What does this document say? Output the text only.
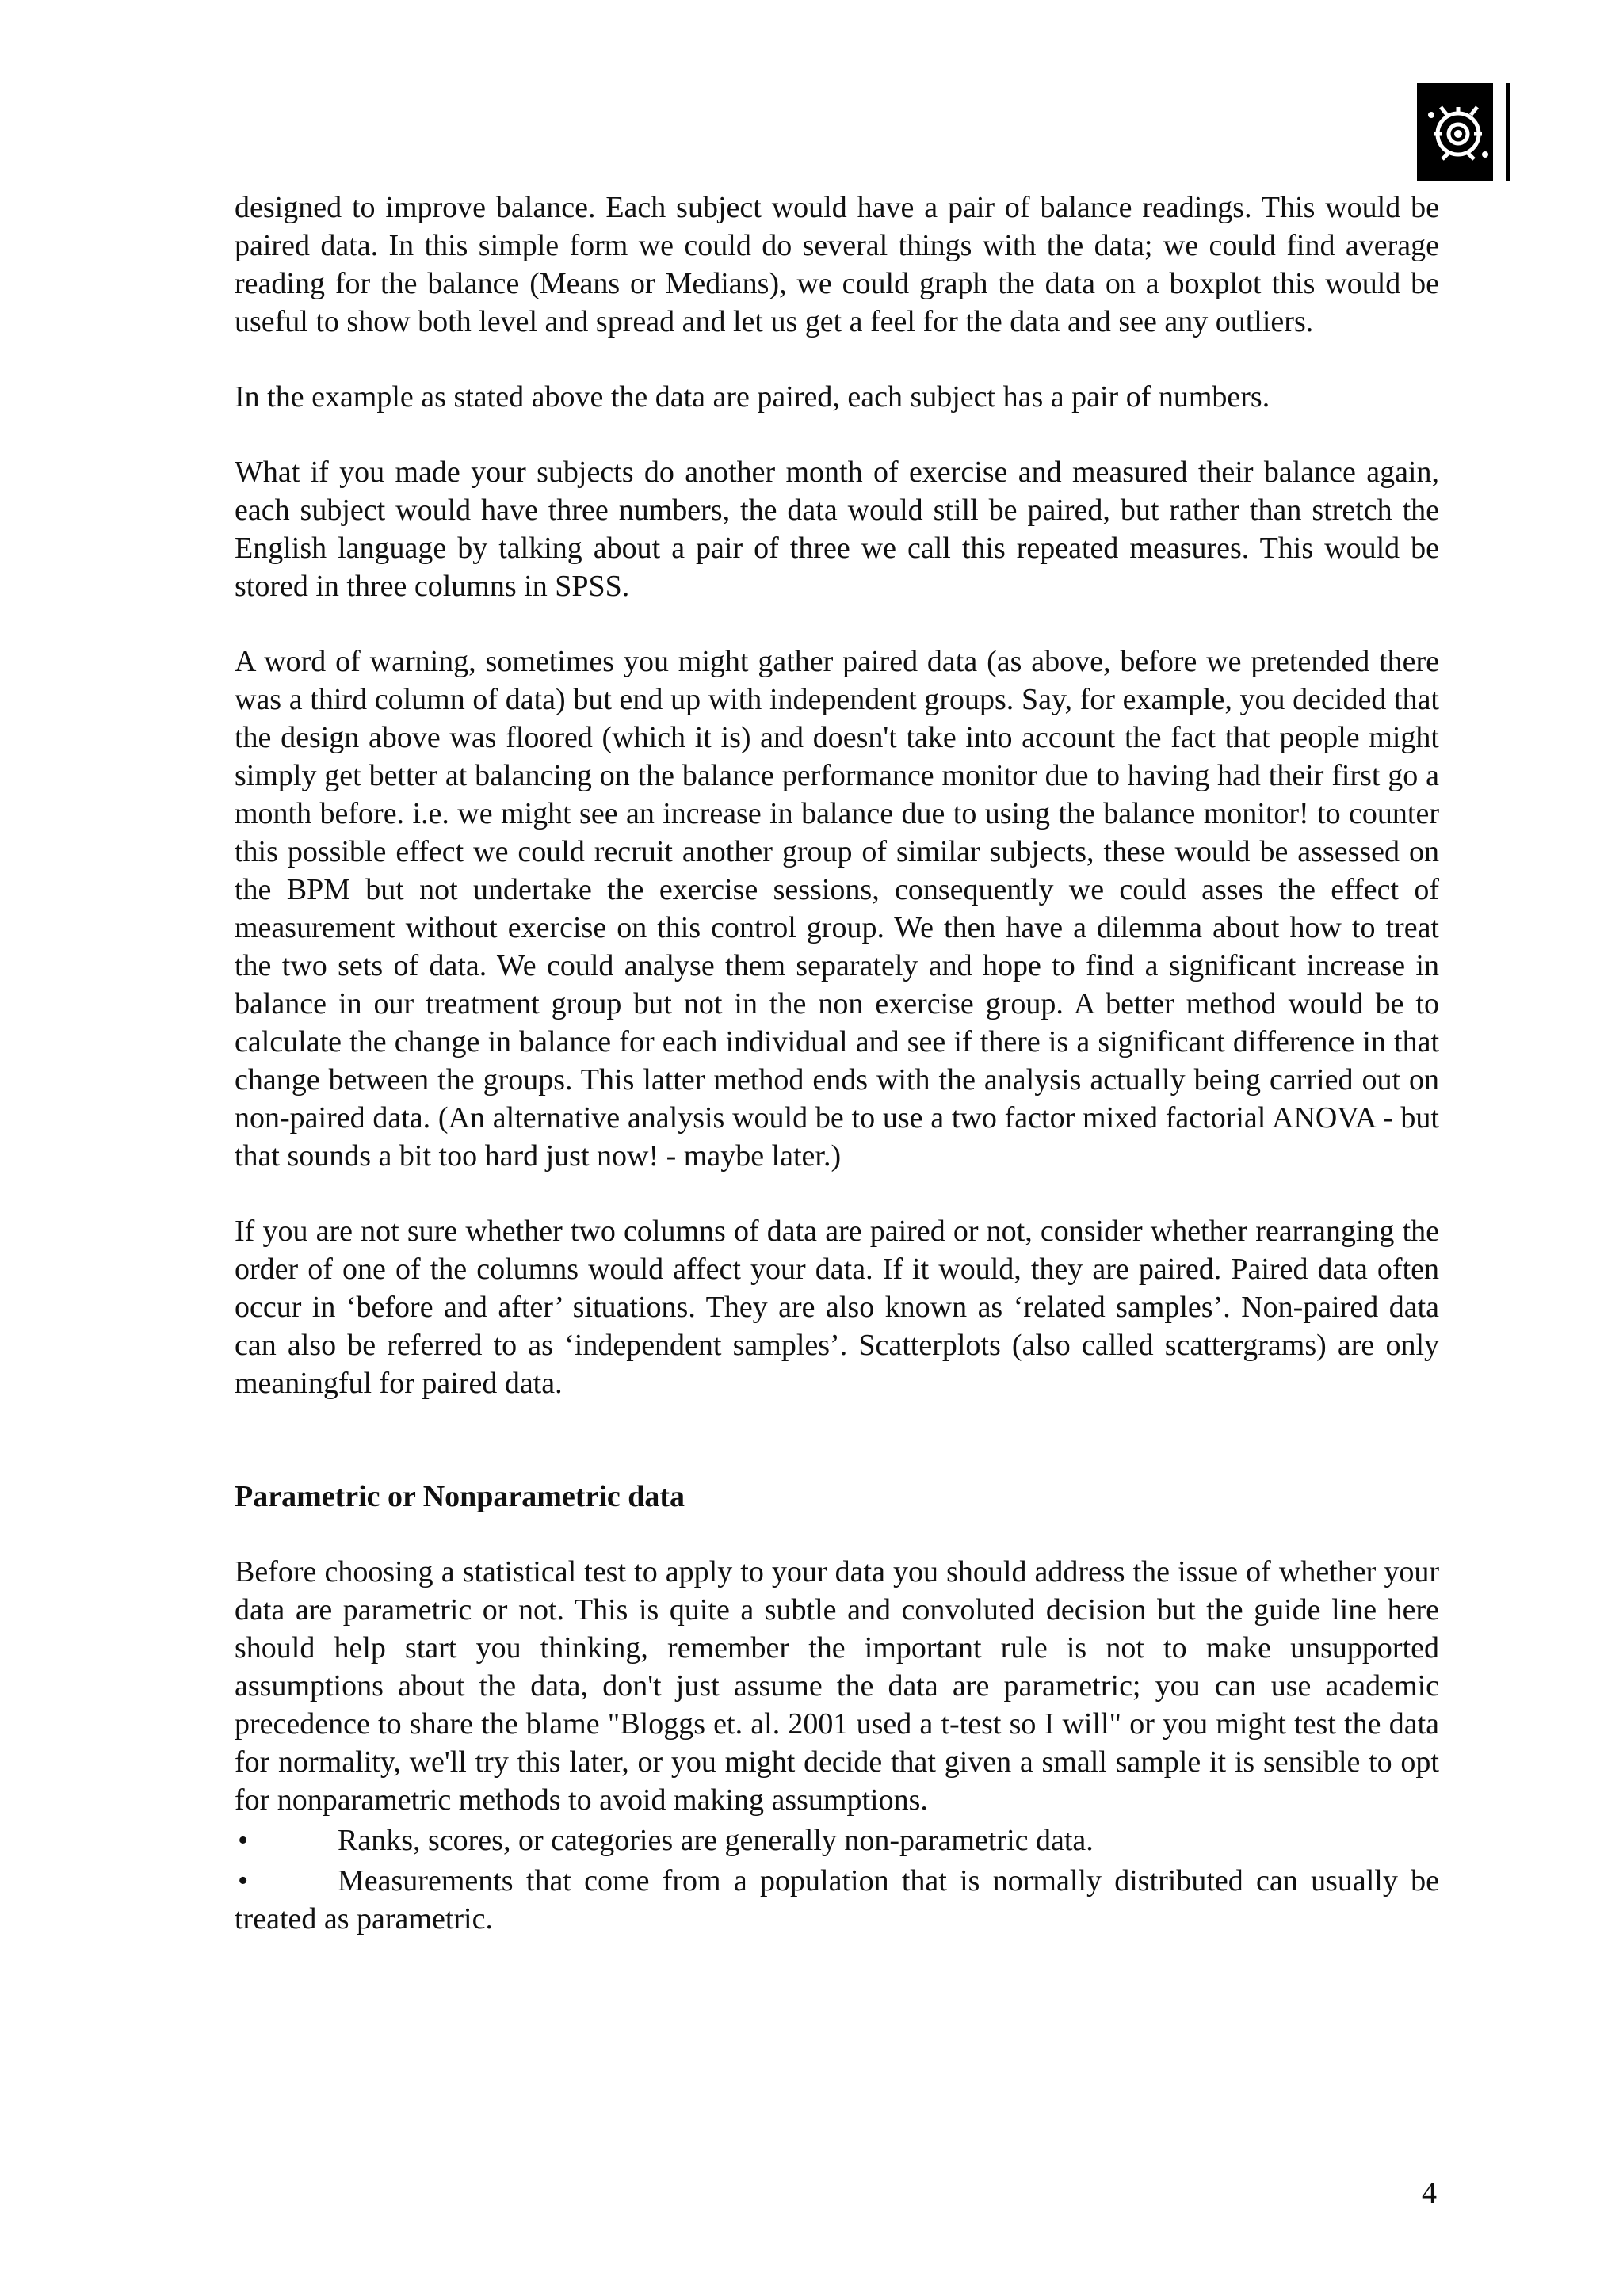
designed to improve balance. Each subject would have a pair of balance readings. This would be paired data. In this simple form we could do several things with the data; we could find average reading for the balance (Means or Medians), we could graph the data on a boxplot this would be useful to show both level and spread and let us get a feel for the data and see any outliers.

In the example as stated above the data are paired, each subject has a pair of numbers.

What if you made your subjects do another month of exercise and measured their balance again, each subject would have three numbers, the data would still be paired, but rather than stretch the English language by talking about a pair of three we call this repeated measures. This would be stored in three columns in SPSS.

A word of warning, sometimes you might gather paired data (as above, before we pretended there was a third column of data) but end up with independent groups. Say, for example, you decided that the design above was floored (which it is) and doesn't take into account the fact that people might simply get better at balancing on the balance performance monitor due to having had their first go a month before. i.e. we might see an increase in balance due to using the balance monitor! to counter this possible effect we could recruit another group of similar subjects, these would be assessed on the BPM but not undertake the exercise sessions, consequently we could asses the effect of measurement without exercise on this control group. We then have a dilemma about how to treat the two sets of data. We could analyse them separately and hope to find a significant increase in balance in our treatment group but not in the non exercise group. A better method would be to calculate the change in balance for each individual and see if there is a significant difference in that change between the groups. This latter method ends with the analysis actually being carried out on non-paired data. (An alternative analysis would be to use a two factor mixed factorial ANOVA - but that sounds a bit too hard just now! - maybe later.)

If you are not sure whether two columns of data are paired or not, consider whether rearranging the order of one of the columns would affect your data. If it would, they are paired. Paired data often occur in ‘before and after’ situations. They are also known as ‘related samples’. Non-paired data can also be referred to as ‘independent samples’. Scatterplots (also called scattergrams) are only meaningful for paired data.

Parametric or Nonparametric data

Before choosing a statistical test to apply to your data you should address the issue of whether your data are parametric or not. This is quite a subtle and convoluted decision but the guide line here should help start you thinking, remember the important rule is not to make unsupported assumptions about the data, don't just assume the data are parametric; you can use academic precedence to share the blame "Bloggs et. al. 2001 used a t-test so I will" or you might test the data for normality, we'll try this later, or you might decide that given a small sample it is sensible to opt for nonparametric methods to avoid making assumptions.

•	Ranks, scores, or categories are generally non-parametric data.
•	Measurements that come from a population that is normally distributed can usually be treated as parametric.
4
